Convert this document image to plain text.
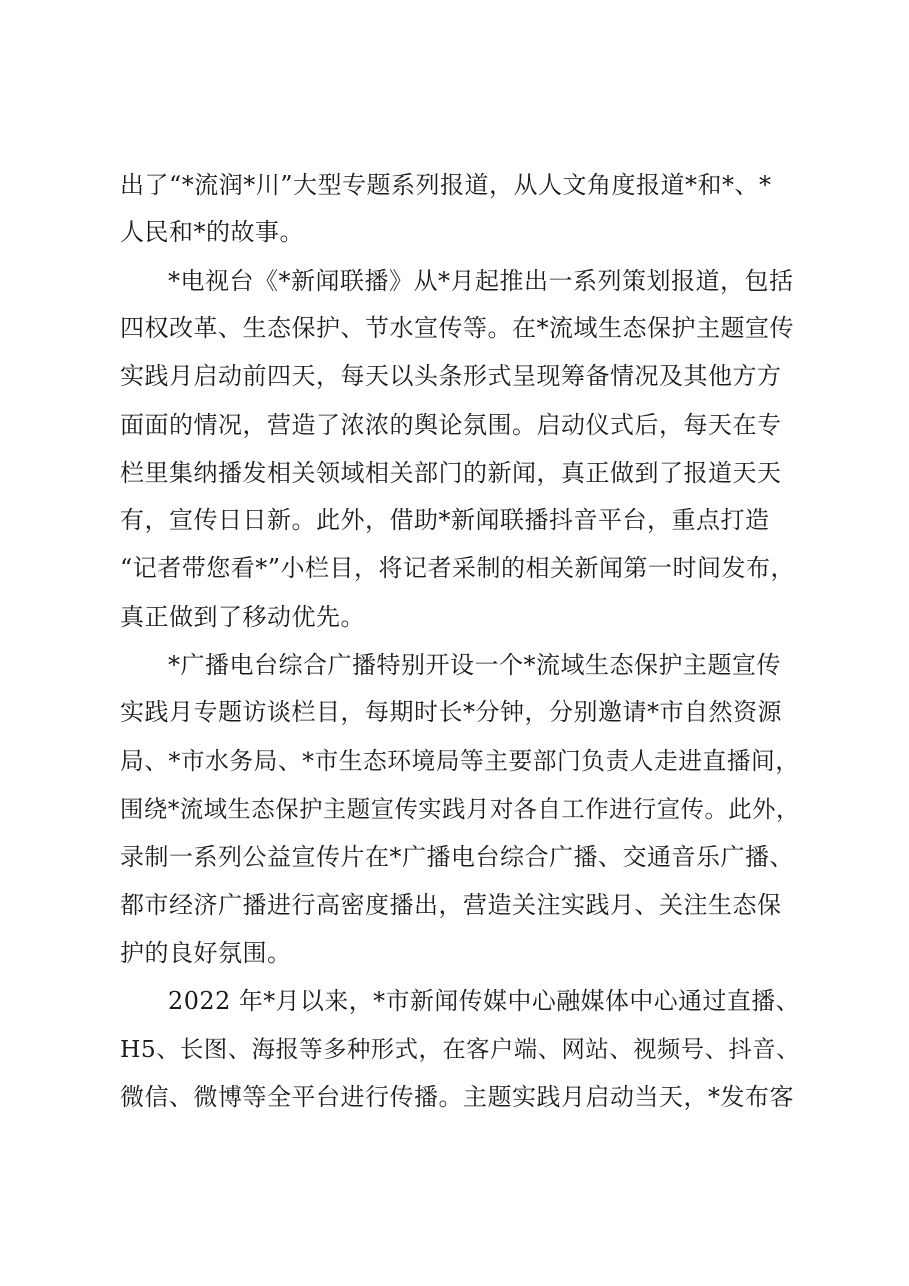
出了“*流润*川”大型专题系列报道，从人文角度报道*和*、*

人民和*的故事。

*电视台《*新闻联播》从*月起推出一系列策划报道，包括

四权改革、生态保护、节水宣传等。在*流域生态保护主题宣传

实践月启动前四天，每天以头条形式呈现筹备情况及其他方方

面面的情况，营造了浓浓的舆论氛围。启动仪式后，每天在专

栏里集纳播发相关领域相关部门的新闻，真正做到了报道天天

有，宣传日日新。此外，借助*新闻联播抖音平台，重点打造

“记者带您看*”小栏目，将记者采制的相关新闻第一时间发布，

真正做到了移动优先。

*广播电台综合广播特别开设一个*流域生态保护主题宣传

实践月专题访谈栏目，每期时长*分钟，分别邀请*市自然资源

局、*市水务局、*市生态环境局等主要部门负责人走进直播间，

围绕*流域生态保护主题宣传实践月对各自工作进行宣传。此外，

录制一系列公益宣传片在*广播电台综合广播、交通音乐广播、

都市经济广播进行高密度播出，营造关注实践月、关注生态保

护的良好氛围。

2022 年*月以来，*市新闻传媒中心融媒体中心通过直播、

H5、长图、海报等多种形式，在客户端、网站、视频号、抖音、

微信、微博等全平台进行传播。主题实践月启动当天，*发布客
